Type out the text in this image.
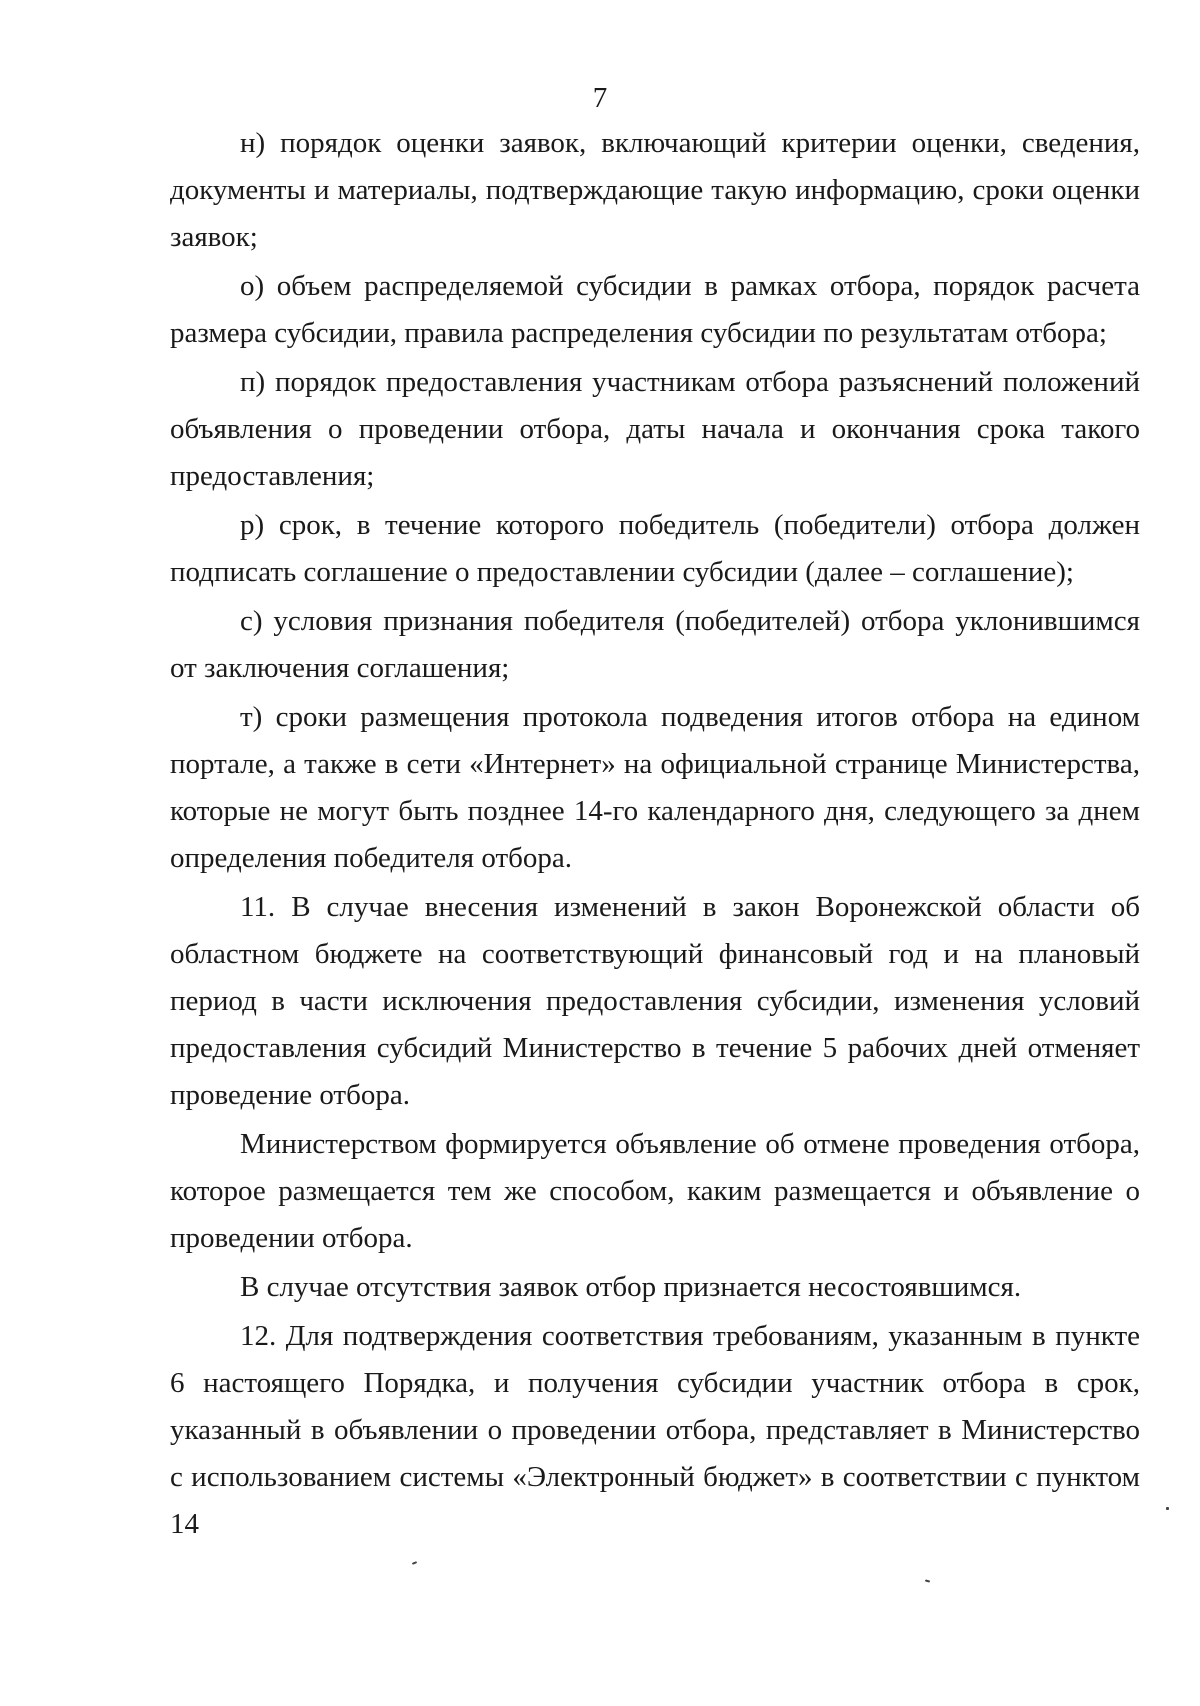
7

н) порядок оценки заявок, включающий критерии оценки, сведения, документы и материалы, подтверждающие такую информацию, сроки оценки заявок;

о) объем распределяемой субсидии в рамках отбора, порядок расчета размера субсидии, правила распределения субсидии по результатам отбора;

п) порядок предоставления участникам отбора разъяснений положений объявления о проведении отбора, даты начала и окончания срока такого предоставления;

р) срок, в течение которого победитель (победители) отбора должен подписать соглашение о предоставлении субсидии (далее – соглашение);

с) условия признания победителя (победителей) отбора уклонившимся от заключения соглашения;

т) сроки размещения протокола подведения итогов отбора на едином портале, а также в сети «Интернет» на официальной странице Министерства, которые не могут быть позднее 14-го календарного дня, следующего за днем определения победителя отбора.

11. В случае внесения изменений в закон Воронежской области об областном бюджете на соответствующий финансовый год и на плановый период в части исключения предоставления субсидии, изменения условий предоставления субсидий Министерство в течение 5 рабочих дней отменяет проведение отбора.

Министерством формируется объявление об отмене проведения отбора, которое размещается тем же способом, каким размещается и объявление о проведении отбора.

В случае отсутствия заявок отбор признается несостоявшимся.

12. Для подтверждения соответствия требованиям, указанным в пункте 6 настоящего Порядка, и получения субсидии участник отбора в срок, указанный в объявлении о проведении отбора, представляет в Министерство с использованием системы «Электронный бюджет» в соответствии с пунктом 14
